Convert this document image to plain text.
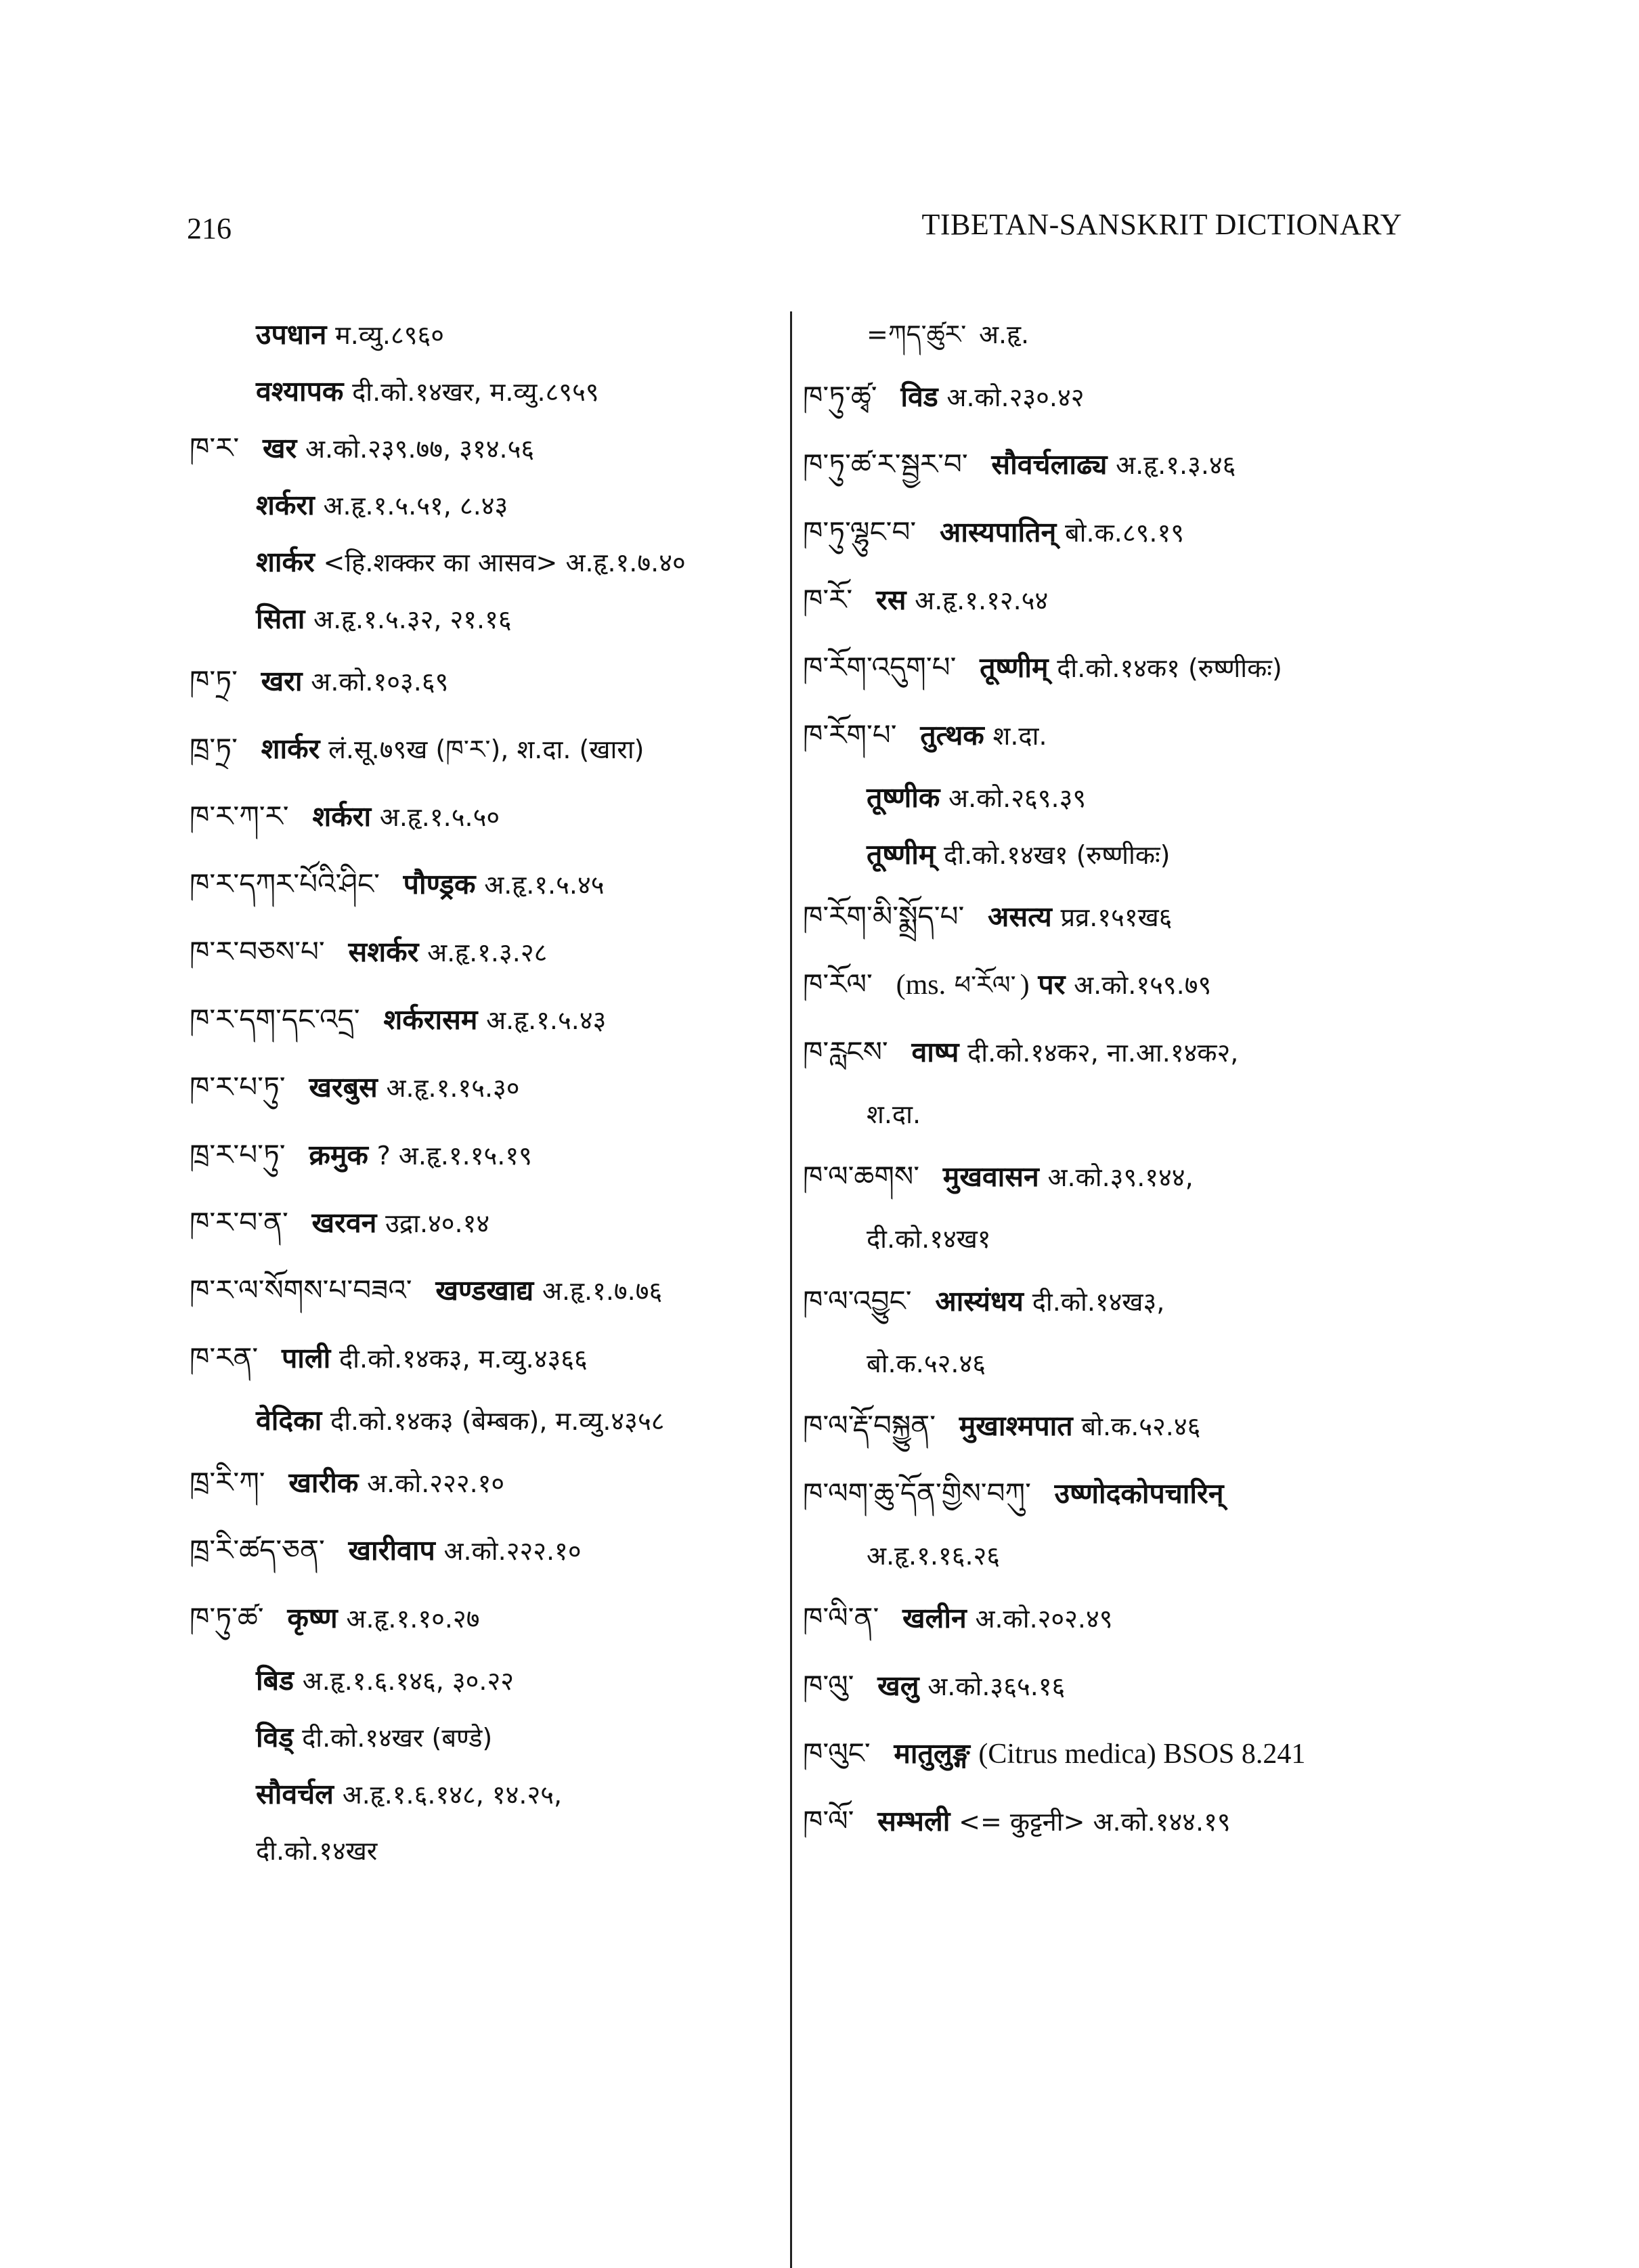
216	TIBETAN-SANSKRIT DICTIONARY
उपधान म.व्यु.८९६०
वश्यापक दी.को.१४खर, म.व्यु.८९५९
ཁ་ར་ खर अ.को.२३९.७७, ३१४.५६
शर्करा अ.हृ.१.५.५१, ८.४३
शार्कर <हि.शक्कर का आसव> अ.हृ.१.७.४०
सिता अ.हृ.१.५.३२, २१.१६
ཁ་ཏྲ་ खरा अ.को.१०३.६९
ཁྲ་ཏྲ་ शार्कर लं.सू.७९ख (ཁ་ར་), श.दा. (खारा)
ཁ་ར་ཀ་ར་ शर्करा अ.हृ.१.५.५०
ཁ་ར་དཀར་པོའི་ཤིང་ पौण्ड्रक अ.हृ.१.५.४५
ཁ་ར་བཅས་པ་ सशर्कर अ.हृ.१.३.२८
ཁ་ར་དག་དང་འདྲ་ शर्करासम अ.हृ.१.५.४३
ཁ་ར་པ་ཏུ་ खरबुस अ.हृ.१.१५.३०
ཁྲ་ར་པ་ཏུ་ क्रमुक ? अ.हृ.१.१५.१९
ཁ་ར་བ་ན་ खरवन उद्रा.४०.१४
ཁ་ར་ལ་སོགས་པ་བཟའ་ खण्डखाद्य अ.हृ.१.७.७६
ཁ་རན་ पाली दी.को.१४क३, म.व्यु.४३६६
वेदिका दी.को.१४क३ (बेम्बक), म.व्यु.४३५८
ཁྲ་རི་ཀ་ खारीक अ.को.२२२.१०
ཁྲ་རི་ཚད་ཅན་ खारीवाप अ.को.२२२.१०
ཁ་ཏུ་ཚ་ कृष्ण अ.हृ.१.१०.२७
बिड अ.हृ.१.६.१४६, ३०.२२
विड् दी.को.१४खर (बण्डे)
सौवर्चल अ.हृ.१.६.१४८, १४.२५,
दी.को.१४खर
=ཀད་ཚུར་ अ.हृ.
ཁ་ཏུ་ཚྭ་ विड अ.को.२३०.४२
ཁ་ཏུ་ཚ་ར་སྦྱར་བ་ सौवर्चलाढ्य अ.हृ.१.३.४६
ཁ་ཏུ་ལྷུང་བ་ आस्यपातिन् बो.क.८९.१९
ཁ་རོ་ रस अ.हृ.१.१२.५४
ཁ་རོག་འདུག་པ་ तूष्णीम् दी.को.१४क१ (रुष्णीकः)
ཁ་རོག་པ་ तुत्थक श.दा.
तूष्णीक अ.को.२६९.३९
तूष्णीम् दी.को.१४ख१ (रुष्णीकः)
ཁ་རོག་མི་སྨྲོད་པ་ असत्य प्रव्र.१५१ख६
ཁ་རོལ་ (ms. ཕ་རོལ་ ) पर अ.को.१५९.७९
ཁ་རླངས་ वाष्प दी.को.१४क२, ना.आ.१४क२,
श.दा.
ཁ་ལ་ཆགས་ मुखवासन अ.को.३९.१४४,
दी.को.१४ख१
ཁ་ལ་འབྱུང་ आस्यंधय दी.को.१४ख३,
बो.क.५२.४६
ཁ་ལ་རྡོ་བསྐྱུན་ मुखाश्मपात बो.क.५२.४६
ཁ་ལག་ཆུ་དོན་གྱིས་བཀུ་ उष्णोदकोपचारिन्
अ.हृ.१.१६.२६
ཁ་ལི་ན་ खलीन अ.को.२०२.४९
ཁ་ལུ་ खलु अ.को.३६५.१६
ཁ་ལུང་ मातुलुङ्ग (Citrus medica) BSOS 8.241
ཁ་ལོ་ सम्भली <= कुट्टनी> अ.को.१४४.१९
